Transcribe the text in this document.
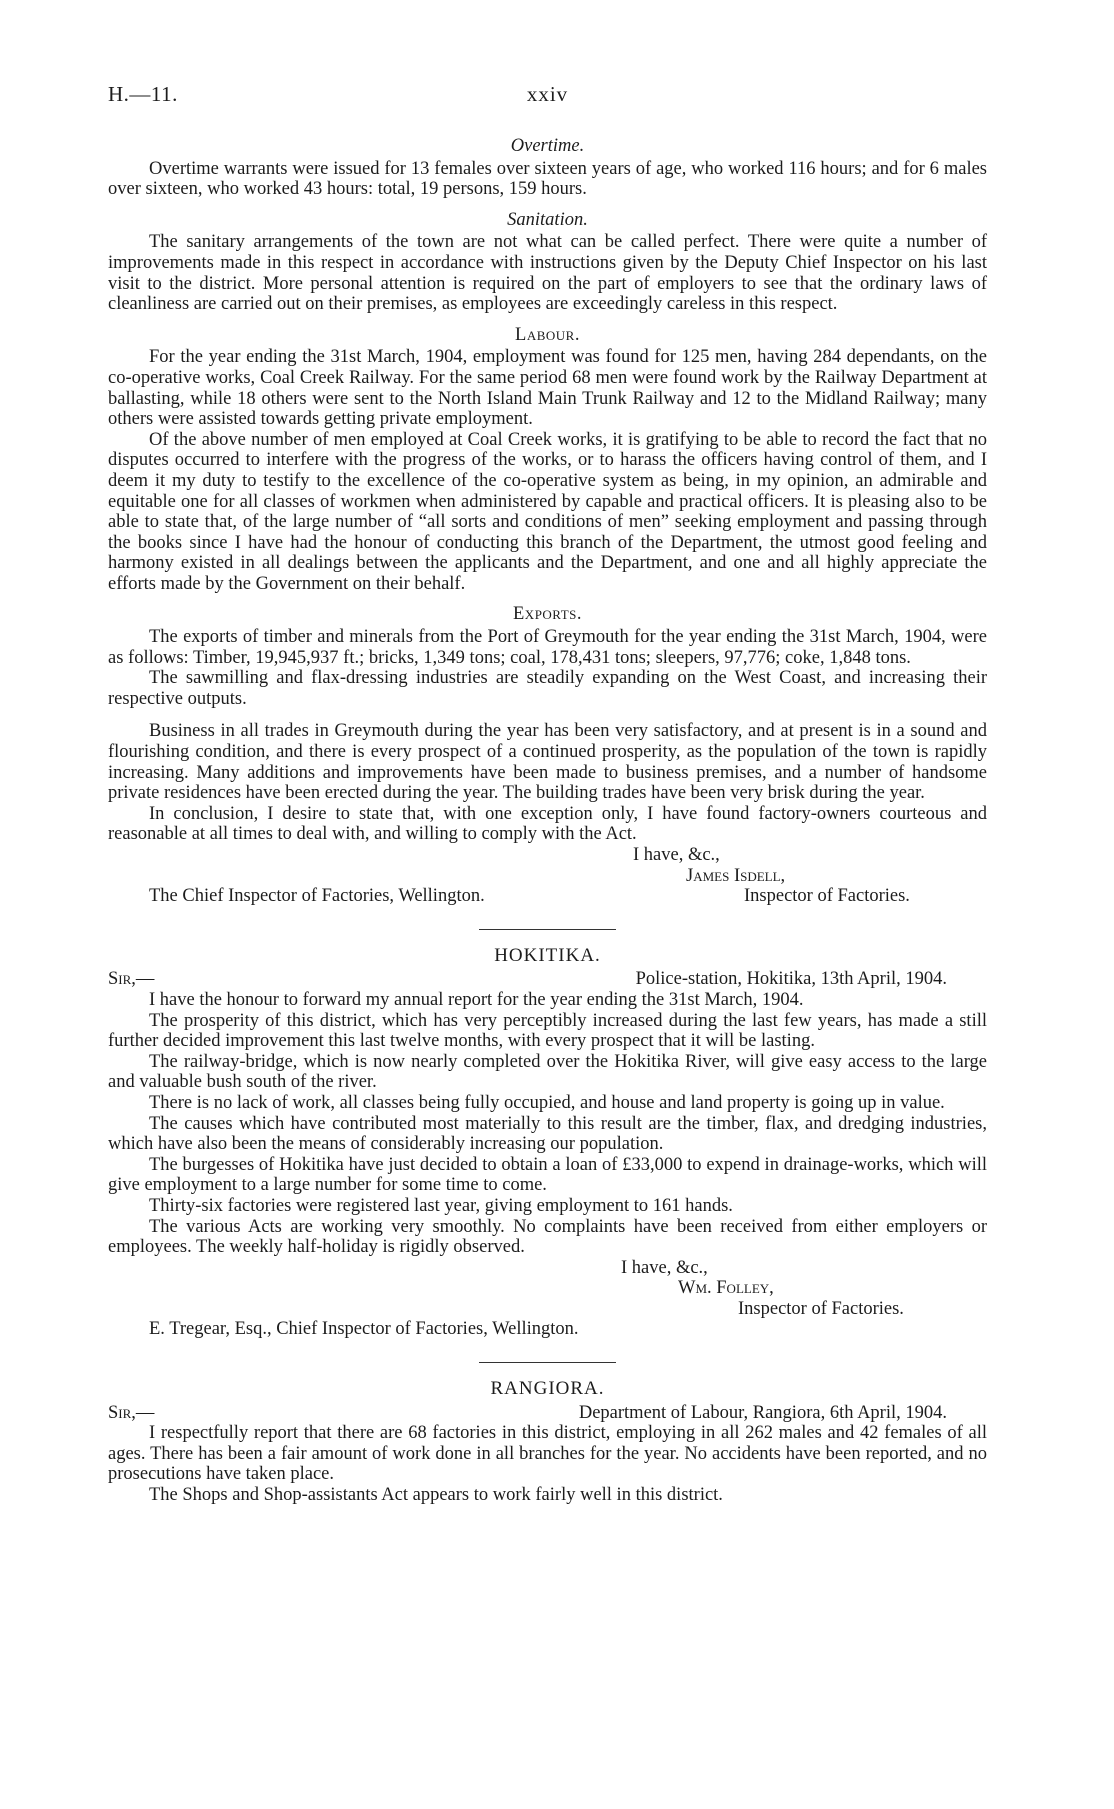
H.—11.	xxiv
Overtime.

Overtime warrants were issued for 13 females over sixteen years of age, who worked 116 hours; and for 6 males over sixteen, who worked 43 hours: total, 19 persons, 159 hours.

Sanitation.

The sanitary arrangements of the town are not what can be called perfect. There were quite a number of improvements made in this respect in accordance with instructions given by the Deputy Chief Inspector on his last visit to the district. More personal attention is required on the part of employers to see that the ordinary laws of cleanliness are carried out on their premises, as employees are exceedingly careless in this respect.

Labour.

For the year ending the 31st March, 1904, employment was found for 125 men, having 284 dependants, on the co-operative works, Coal Creek Railway. For the same period 68 men were found work by the Railway Department at ballasting, while 18 others were sent to the North Island Main Trunk Railway and 12 to the Midland Railway; many others were assisted towards getting private employment.

Of the above number of men employed at Coal Creek works, it is gratifying to be able to record the fact that no disputes occurred to interfere with the progress of the works, or to harass the officers having control of them, and I deem it my duty to testify to the excellence of the co-operative system as being, in my opinion, an admirable and equitable one for all classes of workmen when administered by capable and practical officers. It is pleasing also to be able to state that, of the large number of “all sorts and conditions of men” seeking employment and passing through the books since I have had the honour of conducting this branch of the Department, the utmost good feeling and harmony existed in all dealings between the applicants and the Department, and one and all highly appreciate the efforts made by the Government on their behalf.

Exports.

The exports of timber and minerals from the Port of Greymouth for the year ending the 31st March, 1904, were as follows: Timber, 19,945,937 ft.; bricks, 1,349 tons; coal, 178,431 tons; sleepers, 97,776; coke, 1,848 tons.

The sawmilling and flax-dressing industries are steadily expanding on the West Coast, and increasing their respective outputs.

Business in all trades in Greymouth during the year has been very satisfactory, and at present is in a sound and flourishing condition, and there is every prospect of a continued prosperity, as the population of the town is rapidly increasing. Many additions and improvements have been made to business premises, and a number of handsome private residences have been erected during the year. The building trades have been very brisk during the year.

In conclusion, I desire to state that, with one exception only, I have found factory-owners courteous and reasonable at all times to deal with, and willing to comply with the Act.

I have, &c.,
James Isdell,
The Chief Inspector of Factories, Wellington.	Inspector of Factories.
HOKITIKA.
Sir,—	Police-station, Hokitika, 13th April, 1904.

I have the honour to forward my annual report for the year ending the 31st March, 1904.

The prosperity of this district, which has very perceptibly increased during the last few years, has made a still further decided improvement this last twelve months, with every prospect that it will be lasting.

The railway-bridge, which is now nearly completed over the Hokitika River, will give easy access to the large and valuable bush south of the river.

There is no lack of work, all classes being fully occupied, and house and land property is going up in value.

The causes which have contributed most materially to this result are the timber, flax, and dredging industries, which have also been the means of considerably increasing our population.

The burgesses of Hokitika have just decided to obtain a loan of £33,000 to expend in drainage-works, which will give employment to a large number for some time to come.

Thirty-six factories were registered last year, giving employment to 161 hands.

The various Acts are working very smoothly. No complaints have been received from either employers or employees. The weekly half-holiday is rigidly observed.

I have, &c.,
Wm. Folley,
Inspector of Factories.
E. Tregear, Esq., Chief Inspector of Factories, Wellington.
RANGIORA.
Sir,—	Department of Labour, Rangiora, 6th April, 1904.

I respectfully report that there are 68 factories in this district, employing in all 262 males and 42 females of all ages. There has been a fair amount of work done in all branches for the year. No accidents have been reported, and no prosecutions have taken place.

The Shops and Shop-assistants Act appears to work fairly well in this district.
